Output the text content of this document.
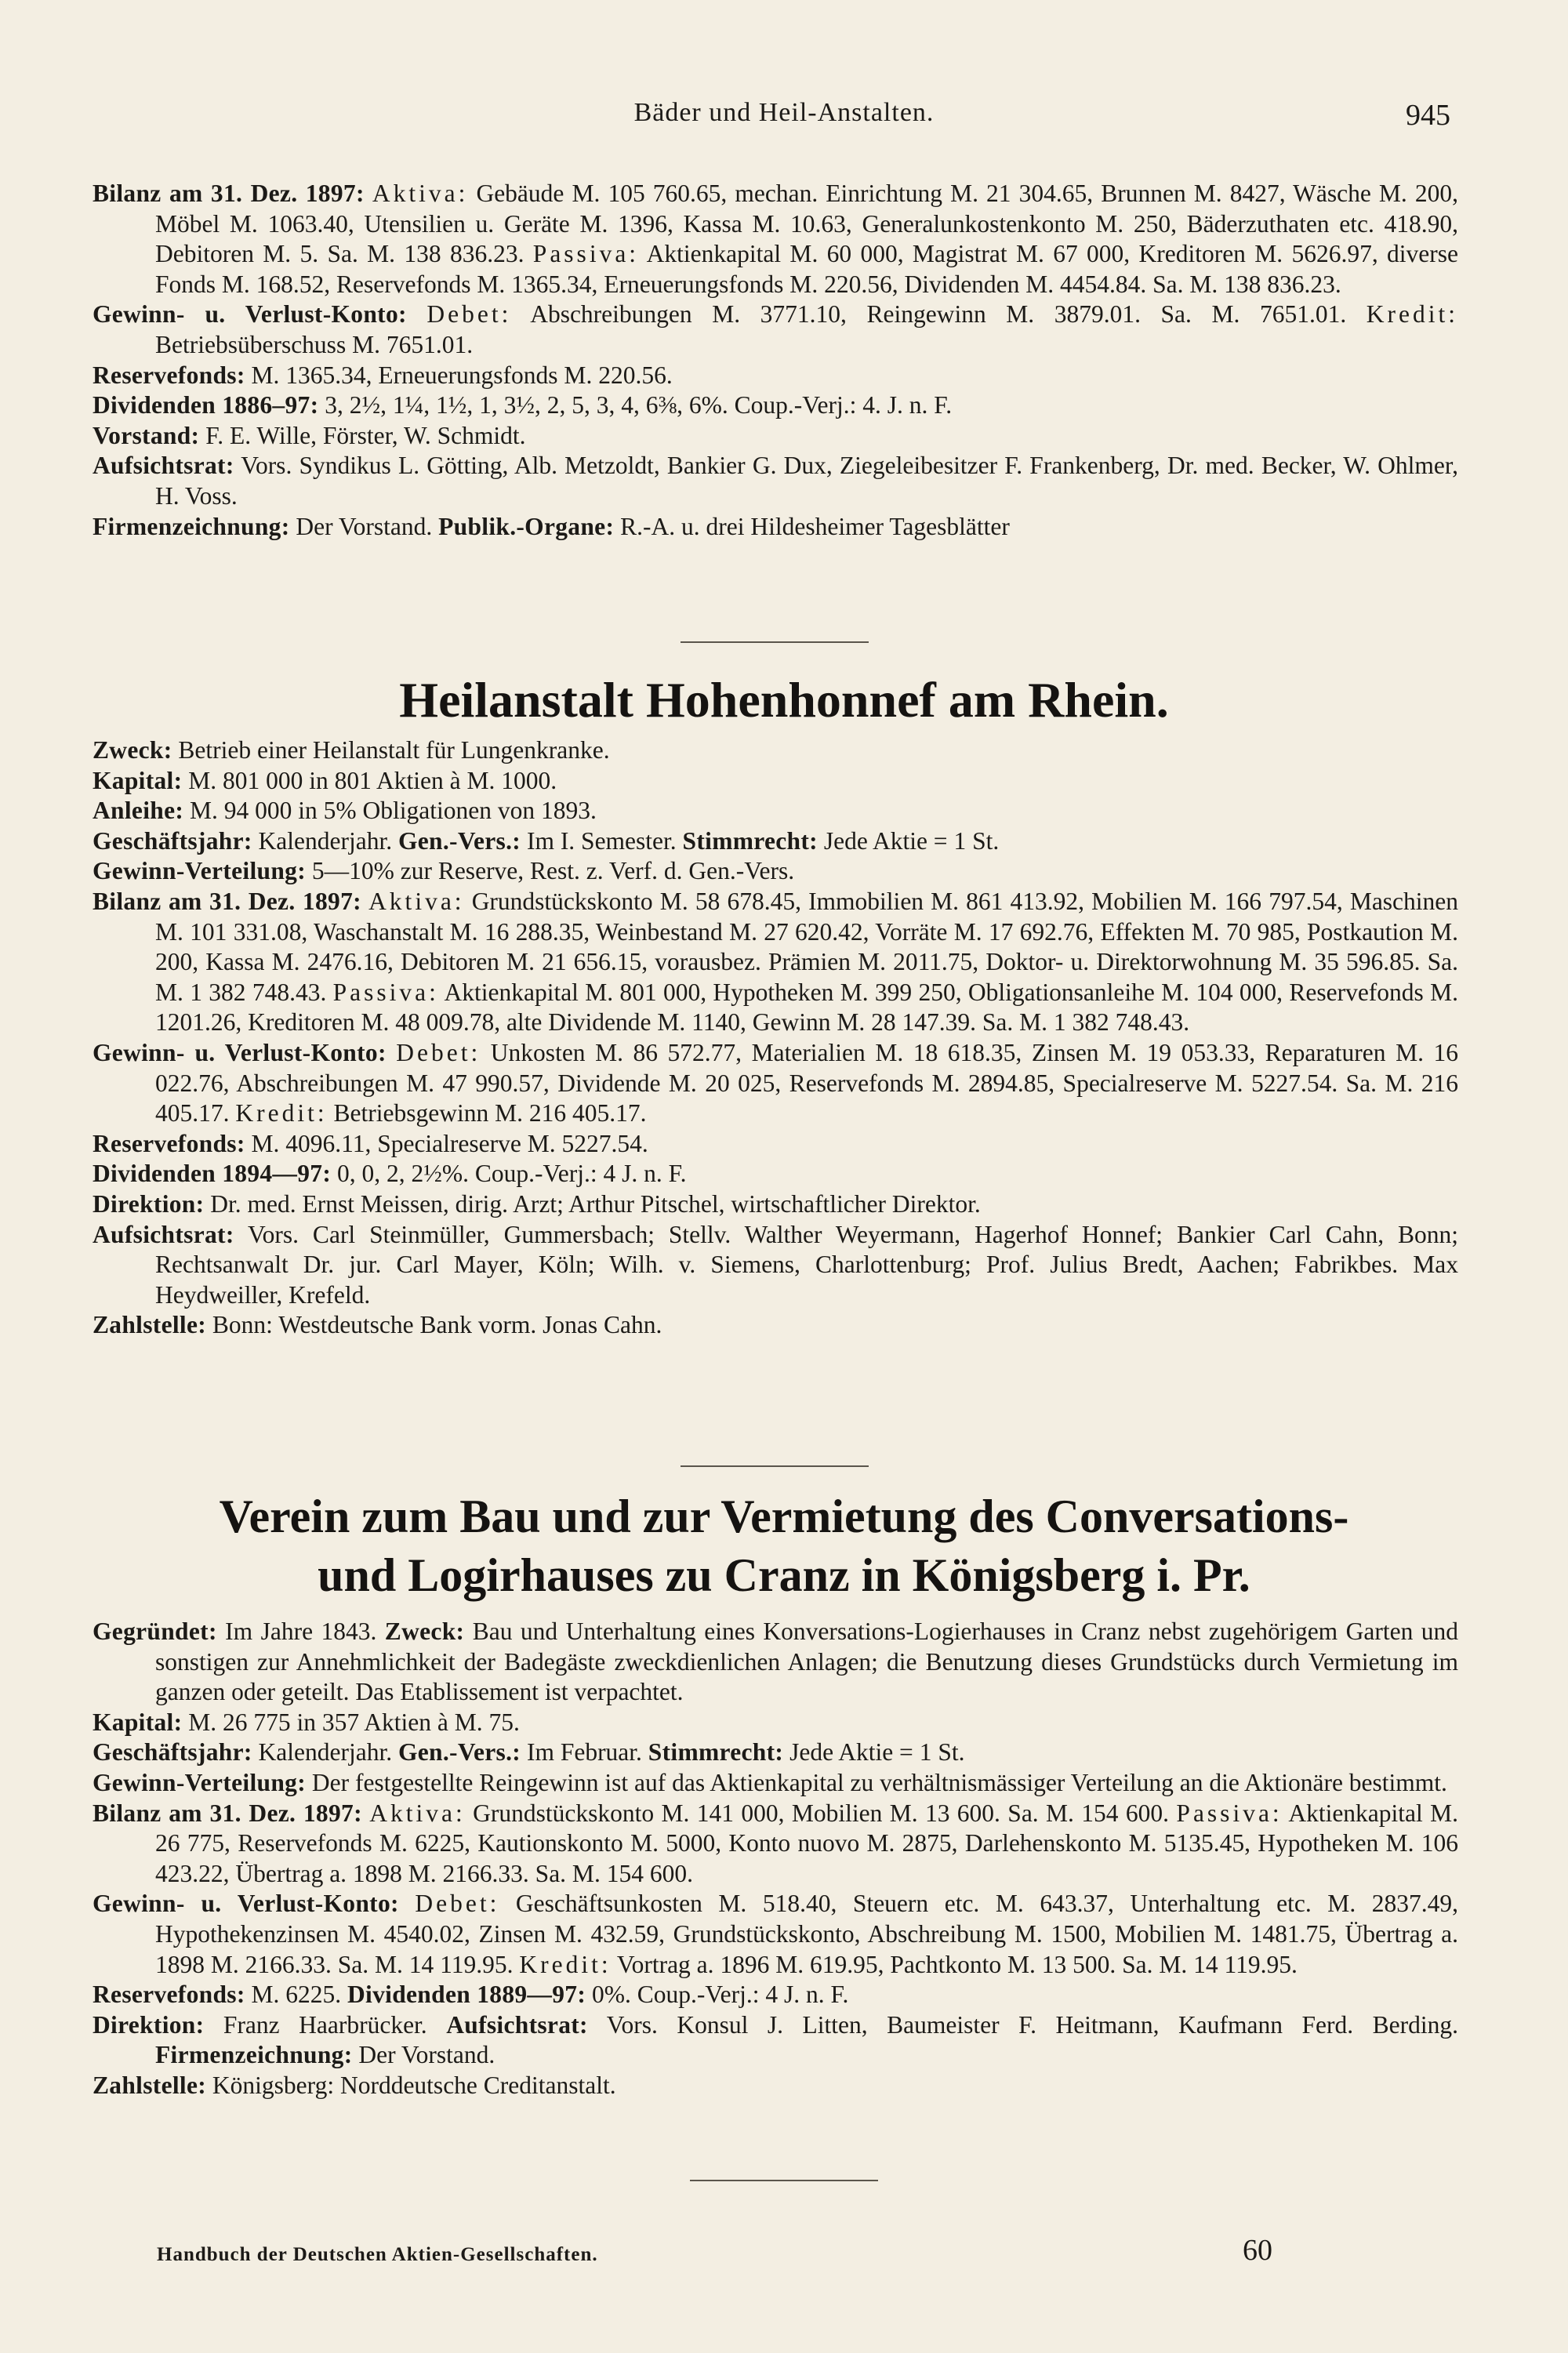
Bäder und Heil-Anstalten.	945
Bilanz am 31. Dez. 1897: Aktiva: Gebäude M. 105 760.65, mechan. Einrichtung M. 21 304.65, Brunnen M. 8427, Wäsche M. 200, Möbel M. 1063.40, Utensilien u. Geräte M. 1396, Kassa M. 10.63, Generalunkostenkonto M. 250, Bäderzuthaten etc. 418.90, Debitoren M. 5. Sa. M. 138 836.23. Passiva: Aktienkapital M. 60 000, Magistrat M. 67 000, Kreditoren M. 5626.97, diverse Fonds M. 168.52, Reservefonds M. 1365.34, Erneuerungsfonds M. 220.56, Dividenden M. 4454.84. Sa. M. 138 836.23.
Gewinn- u. Verlust-Konto: Debet: Abschreibungen M. 3771.10, Reingewinn M. 3879.01. Sa. M. 7651.01. Kredit: Betriebsüberschuss M. 7651.01.
Reservefonds: M. 1365.34, Erneuerungsfonds M. 220.56.
Dividenden 1886–97: 3, 2½, 1¼, 1½, 1, 3½, 2, 5, 3, 4, 6⅜, 6%. Coup.-Verj.: 4. J. n. F.
Vorstand: F. E. Wille, Förster, W. Schmidt.
Aufsichtsrat: Vors. Syndikus L. Götting, Alb. Metzoldt, Bankier G. Dux, Ziegeleibesitzer F. Frankenberg, Dr. med. Becker, W. Ohlmer, H. Voss.
Firmenzeichnung: Der Vorstand. Publik.-Organe: R.-A. u. drei Hildesheimer Tagesblätter
Heilanstalt Hohenhonnef am Rhein.
Zweck: Betrieb einer Heilanstalt für Lungenkranke.
Kapital: M. 801 000 in 801 Aktien à M. 1000.
Anleihe: M. 94 000 in 5% Obligationen von 1893.
Geschäftsjahr: Kalenderjahr. Gen.-Vers.: Im I. Semester. Stimmrecht: Jede Aktie = 1 St.
Gewinn-Verteilung: 5—10% zur Reserve, Rest. z. Verf. d. Gen.-Vers.
Bilanz am 31. Dez. 1897: Aktiva: Grundstückskonto M. 58 678.45, Immobilien M. 861 413.92, Mobilien M. 166 797.54, Maschinen M. 101 331.08, Waschanstalt M. 16 288.35, Weinbestand M. 27 620.42, Vorräte M. 17 692.76, Effekten M. 70 985, Postkaution M. 200, Kassa M. 2476.16, Debitoren M. 21 656.15, vorausbez. Prämien M. 2011.75, Doktor- u. Direktorwohnung M. 35 596.85. Sa. M. 1 382 748.43. Passiva: Aktienkapital M. 801 000, Hypotheken M. 399 250, Obligationsanleihe M. 104 000, Reservefonds M. 1201.26, Kreditoren M. 48 009.78, alte Dividende M. 1140, Gewinn M. 28 147.39. Sa. M. 1 382 748.43.
Gewinn- u. Verlust-Konto: Debet: Unkosten M. 86 572.77, Materialien M. 18 618.35, Zinsen M. 19 053.33, Reparaturen M. 16 022.76, Abschreibungen M. 47 990.57, Dividende M. 20 025, Reservefonds M. 2894.85, Specialreserve M. 5227.54. Sa. M. 216 405.17. Kredit: Betriebsgewinn M. 216 405.17.
Reservefonds: M. 4096.11, Specialreserve M. 5227.54.
Dividenden 1894—97: 0, 0, 2, 2½%. Coup.-Verj.: 4 J. n. F.
Direktion: Dr. med. Ernst Meissen, dirig. Arzt; Arthur Pitschel, wirtschaftlicher Direktor.
Aufsichtsrat: Vors. Carl Steinmüller, Gummersbach; Stellv. Walther Weyermann, Hagerhof Honnef; Bankier Carl Cahn, Bonn; Rechtsanwalt Dr. jur. Carl Mayer, Köln; Wilh. v. Siemens, Charlottenburg; Prof. Julius Bredt, Aachen; Fabrikbes. Max Heydweiller, Krefeld.
Zahlstelle: Bonn: Westdeutsche Bank vorm. Jonas Cahn.
Verein zum Bau und zur Vermietung des Conversations-
und Logirhauses zu Cranz in Königsberg i. Pr.
Gegründet: Im Jahre 1843. Zweck: Bau und Unterhaltung eines Konversations-Logierhauses in Cranz nebst zugehörigem Garten und sonstigen zur Annehmlichkeit der Badegäste zweckdienlichen Anlagen; die Benutzung dieses Grundstücks durch Vermietung im ganzen oder geteilt. Das Etablissement ist verpachtet.
Kapital: M. 26 775 in 357 Aktien à M. 75.
Geschäftsjahr: Kalenderjahr. Gen.-Vers.: Im Februar. Stimmrecht: Jede Aktie = 1 St.
Gewinn-Verteilung: Der festgestellte Reingewinn ist auf das Aktienkapital zu verhältnismässiger Verteilung an die Aktionäre bestimmt.
Bilanz am 31. Dez. 1897: Aktiva: Grundstückskonto M. 141 000, Mobilien M. 13 600. Sa. M. 154 600. Passiva: Aktienkapital M. 26 775, Reservefonds M. 6225, Kautionskonto M. 5000, Konto nuovo M. 2875, Darlehenskonto M. 5135.45, Hypotheken M. 106 423.22, Übertrag a. 1898 M. 2166.33. Sa. M. 154 600.
Gewinn- u. Verlust-Konto: Debet: Geschäftsunkosten M. 518.40, Steuern etc. M. 643.37, Unterhaltung etc. M. 2837.49, Hypothekenzinsen M. 4540.02, Zinsen M. 432.59, Grundstückskonto, Abschreibung M. 1500, Mobilien M. 1481.75, Übertrag a. 1898 M. 2166.33. Sa. M. 14 119.95. Kredit: Vortrag a. 1896 M. 619.95, Pachtkonto M. 13 500. Sa. M. 14 119.95.
Reservefonds: M. 6225. Dividenden 1889—97: 0%. Coup.-Verj.: 4 J. n. F.
Direktion: Franz Haarbrücker. Aufsichtsrat: Vors. Konsul J. Litten, Baumeister F. Heitmann, Kaufmann Ferd. Berding. Firmenzeichnung: Der Vorstand.
Zahlstelle: Königsberg: Norddeutsche Creditanstalt.
Handbuch der Deutschen Aktien-Gesellschaften.	60
